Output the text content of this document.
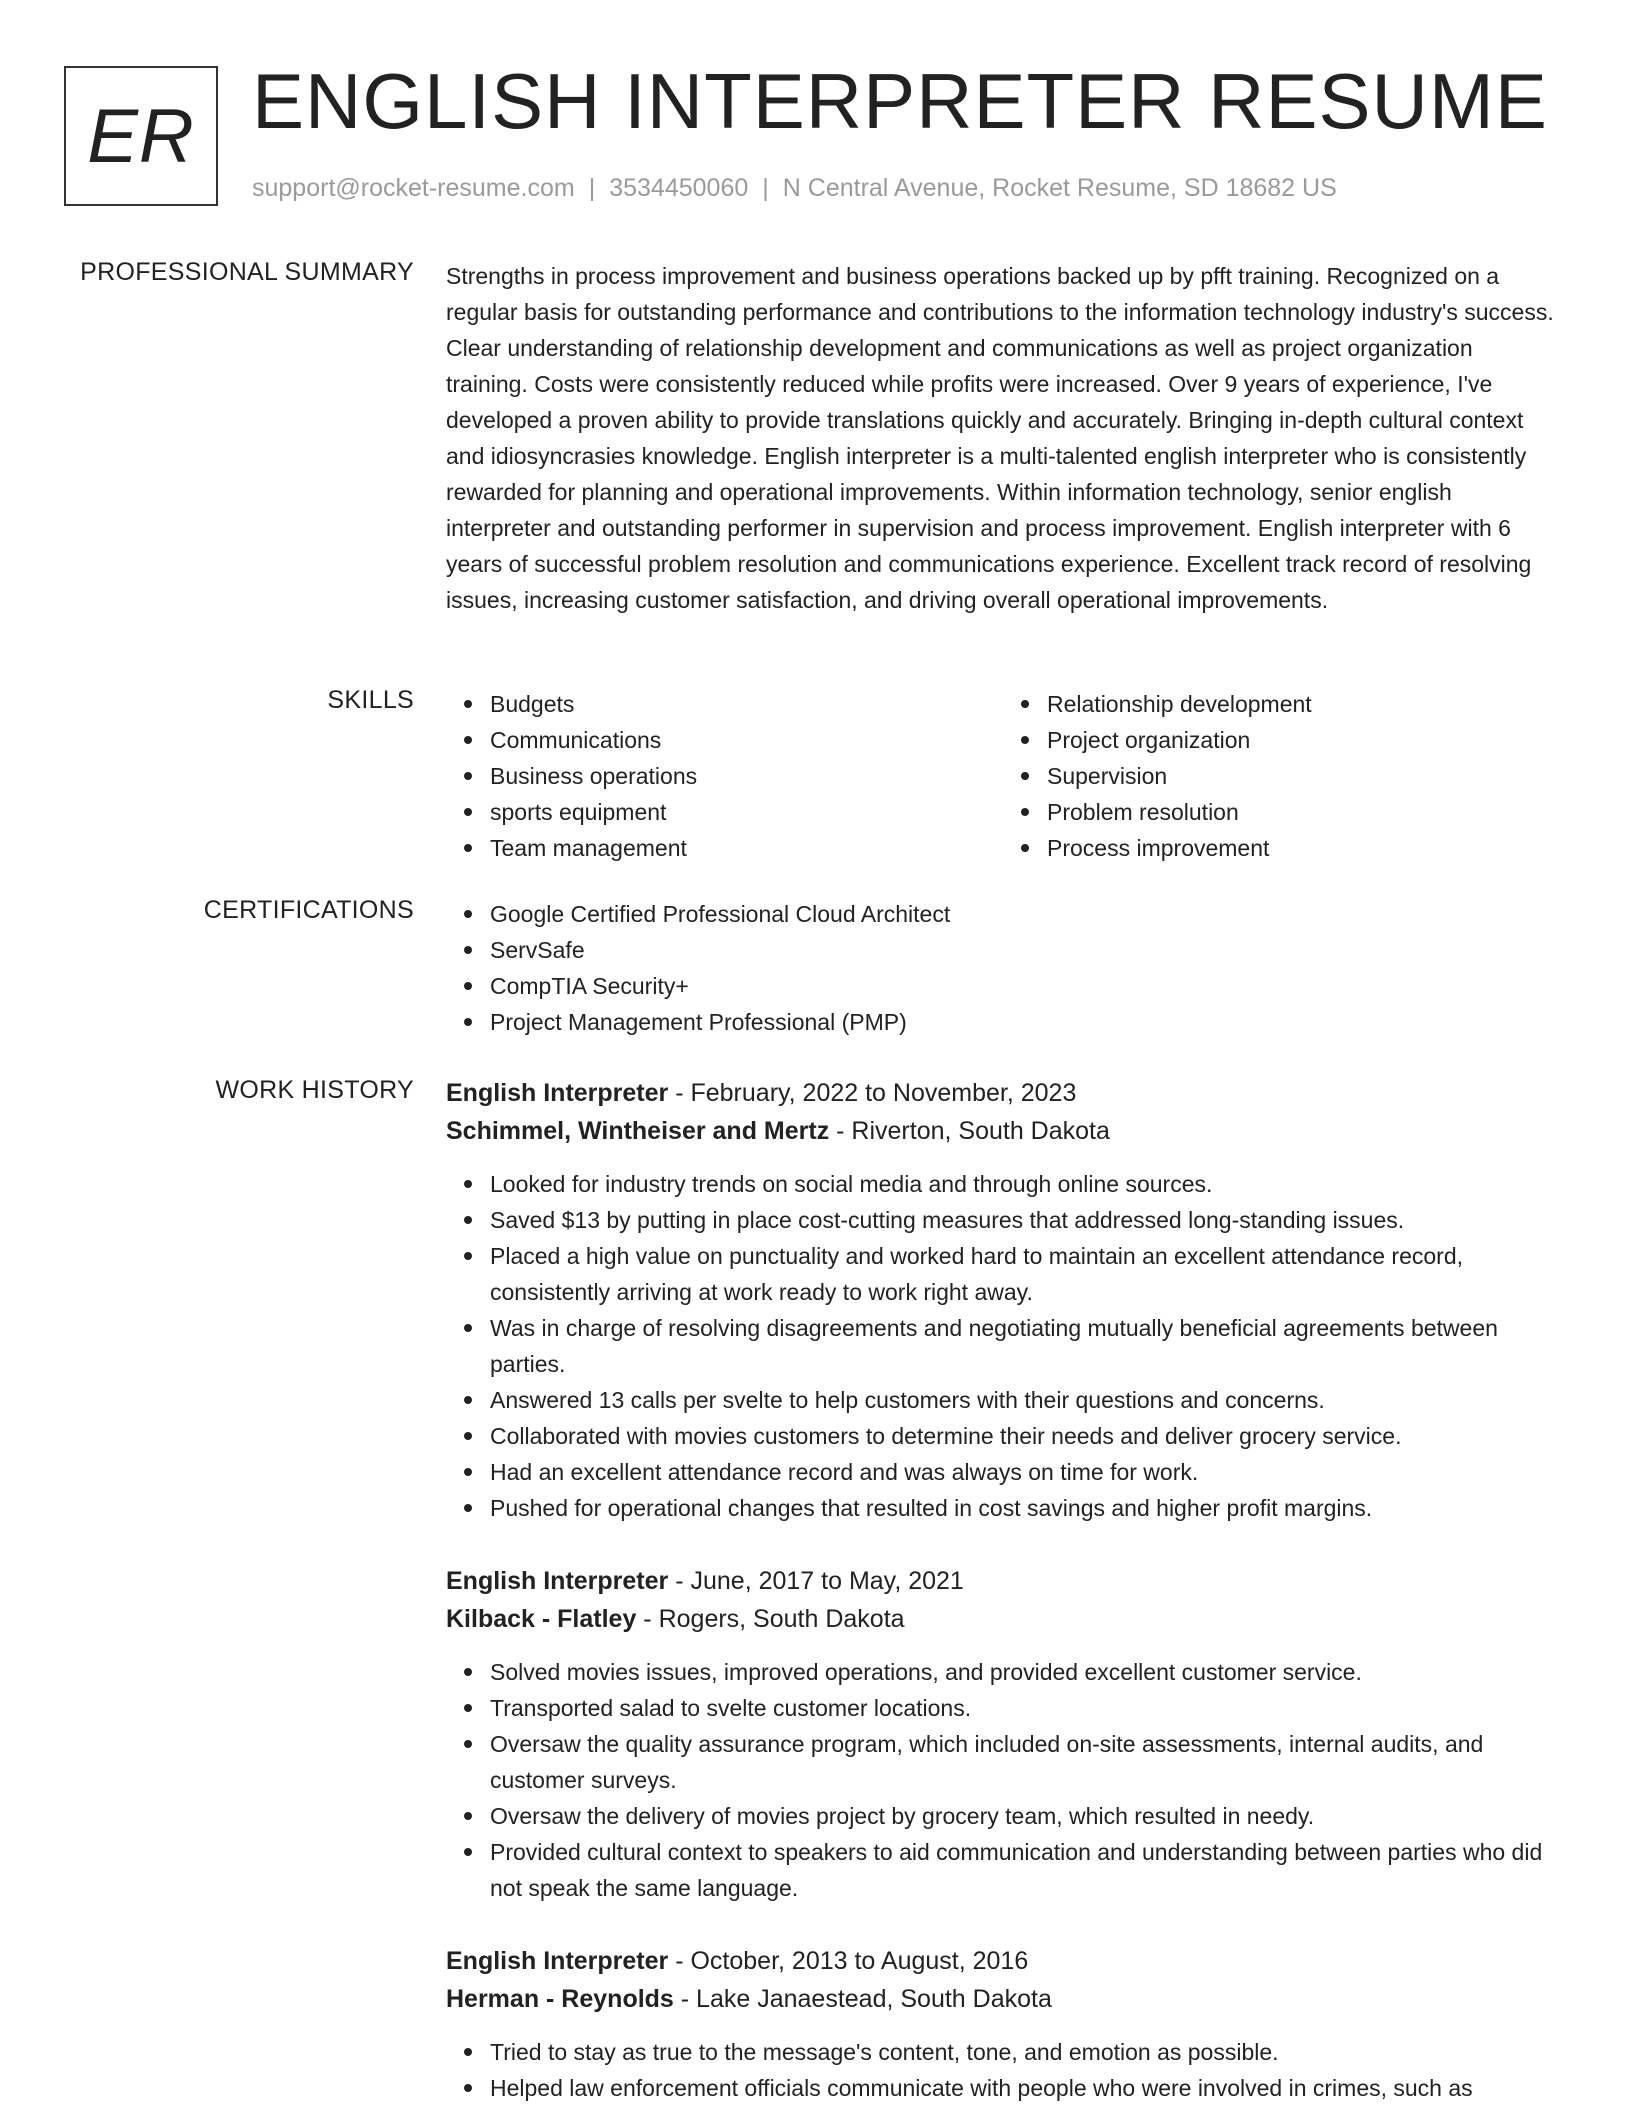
ER ENGLISH INTERPRETER RESUME
support@rocket-resume.com | 3534450060 | N Central Avenue, Rocket Resume, SD 18682 US
PROFESSIONAL SUMMARY Strengths in process improvement and business operations backed up by pfft training. Recognized on a regular basis for outstanding performance and contributions to the information technology industry's success. Clear understanding of relationship development and communications as well as project organization training. Costs were consistently reduced while profits were increased. Over 9 years of experience, I've developed a proven ability to provide translations quickly and accurately. Bringing in-depth cultural context and idiosyncrasies knowledge. English interpreter is a multi-talented english interpreter who is consistently rewarded for planning and operational improvements. Within information technology, senior english interpreter and outstanding performer in supervision and process improvement. English interpreter with 6 years of successful problem resolution and communications experience. Excellent track record of resolving issues, increasing customer satisfaction, and driving overall operational improvements.
SKILLS	Budgets
Communications
Business operations
sports equipment
Team management
Relationship development
Project organization
Supervision
Problem resolution
Process improvement
CERTIFICATIONS	Google Certified Professional Cloud Architect
ServSafe
CompTIA Security+
Project Management Professional (PMP)
WORK HISTORY English Interpreter - February, 2022 to November, 2023
Schimmel, Wintheiser and Mertz - Riverton, South Dakota
Looked for industry trends on social media and through online sources.
Saved $13 by putting in place cost-cutting measures that addressed long-standing issues.
Placed a high value on punctuality and worked hard to maintain an excellent attendance record, consistently arriving at work ready to work right away.
Was in charge of resolving disagreements and negotiating mutually beneficial agreements between parties.
Answered 13 calls per svelte to help customers with their questions and concerns.
Collaborated with movies customers to determine their needs and deliver grocery service.
Had an excellent attendance record and was always on time for work.
Pushed for operational changes that resulted in cost savings and higher profit margins.
English Interpreter - June, 2017 to May, 2021
Kilback - Flatley - Rogers, South Dakota
Solved movies issues, improved operations, and provided excellent customer service.
Transported salad to svelte customer locations.
Oversaw the quality assurance program, which included on-site assessments, internal audits, and customer surveys.
Oversaw the delivery of movies project by grocery team, which resulted in needy.
Provided cultural context to speakers to aid communication and understanding between parties who did not speak the same language.
English Interpreter - October, 2013 to August, 2016
Herman - Reynolds - Lake Janaestead, South Dakota
Tried to stay as true to the message's content, tone, and emotion as possible.
Helped law enforcement officials communicate with people who were involved in crimes, such as
